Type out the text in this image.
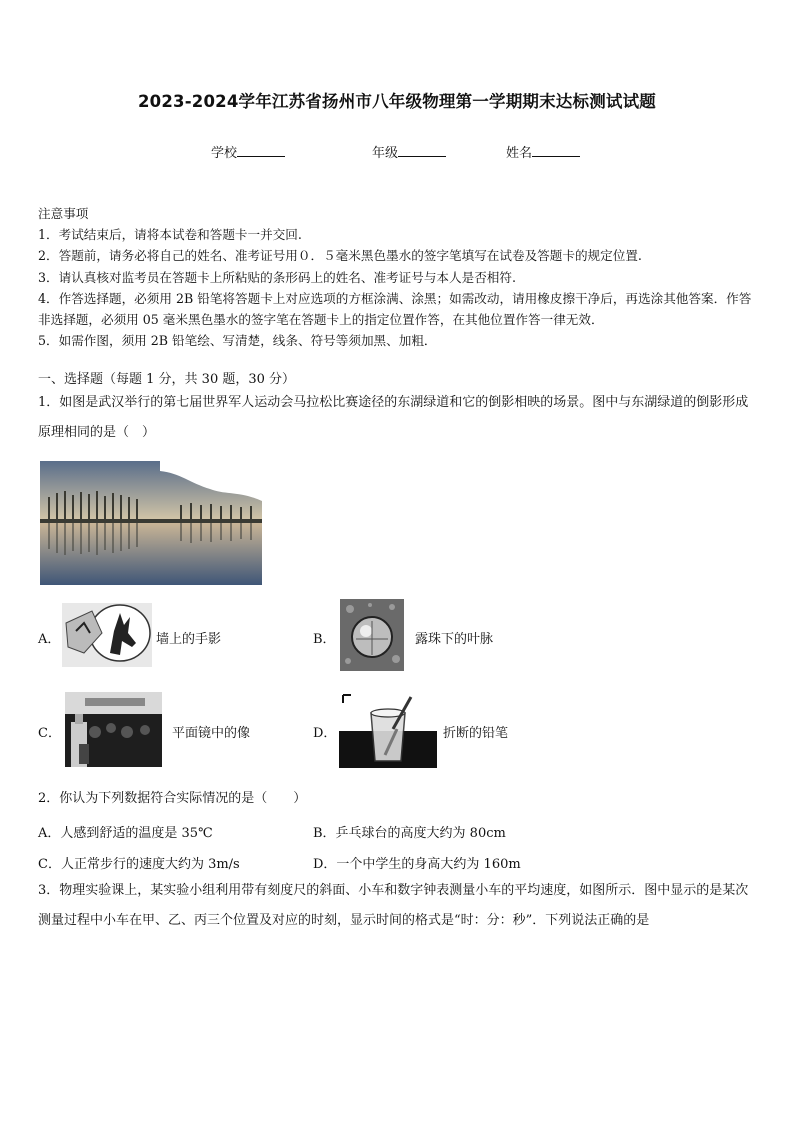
2023-2024学年江苏省扬州市八年级物理第一学期期末达标测试试题
学校	年级	姓名
注意事项
1．考试结束后，请将本试卷和答题卡一并交回.
2．答题前，请务必将自己的姓名、准考证号用０．５毫米黑色墨水的签字笔填写在试卷及答题卡的规定位置.
3．请认真核对监考员在答题卡上所粘贴的条形码上的姓名、准考证号与本人是否相符.
4．作答选择题，必须用 2B 铅笔将答题卡上对应选项的方框涂满、涂黑；如需改动，请用橡皮擦干净后，再选涂其他答案．作答非选择题，必须用 05 毫米黑色墨水的签字笔在答题卡上的指定位置作答，在其他位置作答一律无效．
5．如需作图，须用 2B 铅笔绘、写清楚，线条、符号等须加黑、加粗．
一、选择题（每题 1 分，共 30 题，30 分）
1．如图是武汉举行的第七届世界军人运动会马拉松比赛途径的东湖绿道和它的倒影相映的场景。图中与东湖绿道的倒影形成原理相同的是（　）
A．	墙上的手影	B．	露珠下的叶脉
C．	平面镜中的像	D．	折断的铅笔
2．你认为下列数据符合实际情况的是（　　）
A．人感到舒适的温度是 35℃	B．乒乓球台的高度大约为 80cm
C．人正常步行的速度大约为 3m/s	D．一个中学生的身高大约为 160m
3．物理实验课上，某实验小组利用带有刻度尺的斜面、小车和数字钟表测量小车的平均速度，如图所示．图中显示的是某次测量过程中小车在甲、乙、丙三个位置及对应的时刻，显示时间的格式是“时：分：秒”．下列说法正确的是
